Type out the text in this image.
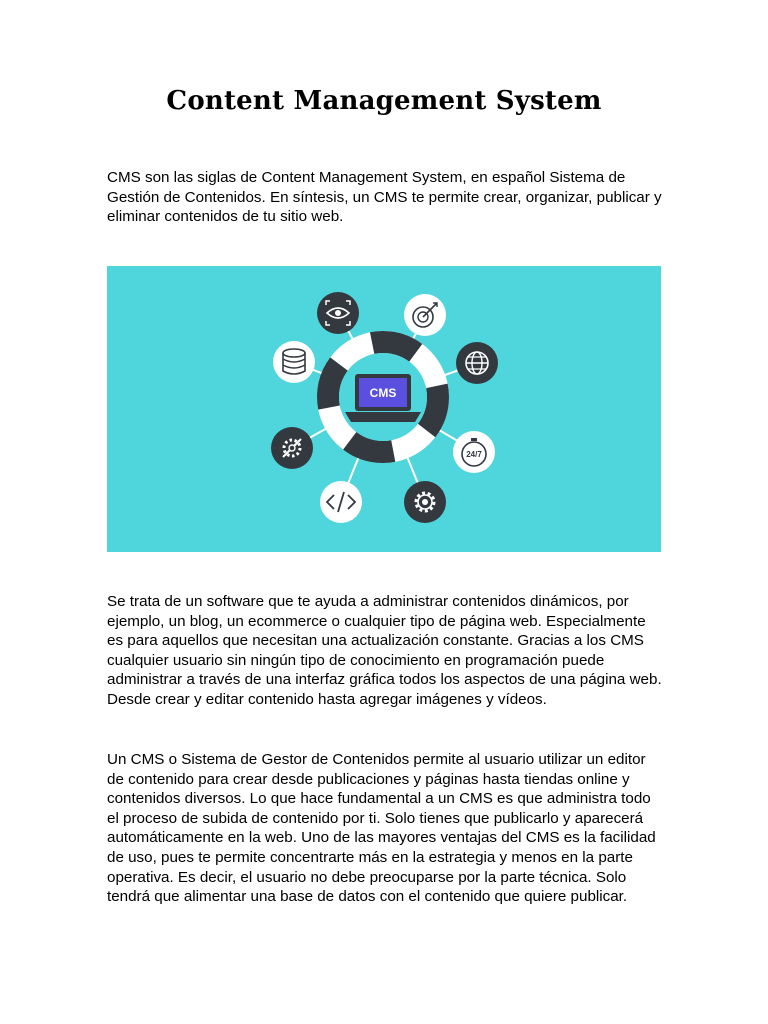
Content Management System

CMS son las siglas de Content Management System, en español Sistema de Gestión de Contenidos. En síntesis, un CMS te permite crear, organizar, publicar y eliminar contenidos de tu sitio web.

CMS
24/7

Se trata de un software que te ayuda a administrar contenidos dinámicos, por ejemplo, un blog, un ecommerce o cualquier tipo de página web. Especialmente es para aquellos que necesitan una actualización constante. Gracias a los CMS cualquier usuario sin ningún tipo de conocimiento en programación puede administrar a través de una interfaz gráfica todos los aspectos de una página web. Desde crear y editar contenido hasta agregar imágenes y vídeos.

Un CMS o Sistema de Gestor de Contenidos permite al usuario utilizar un editor de contenido para crear desde publicaciones y páginas hasta tiendas online y contenidos diversos. Lo que hace fundamental a un CMS es que administra todo el proceso de subida de contenido por ti. Solo tienes que publicarlo y aparecerá automáticamente en la web. Uno de las mayores ventajas del CMS es la facilidad de uso, pues te permite concentrarte más en la estrategia y menos en la parte operativa. Es decir, el usuario no debe preocuparse por la parte técnica. Solo tendrá que alimentar una base de datos con el contenido que quiere publicar.
